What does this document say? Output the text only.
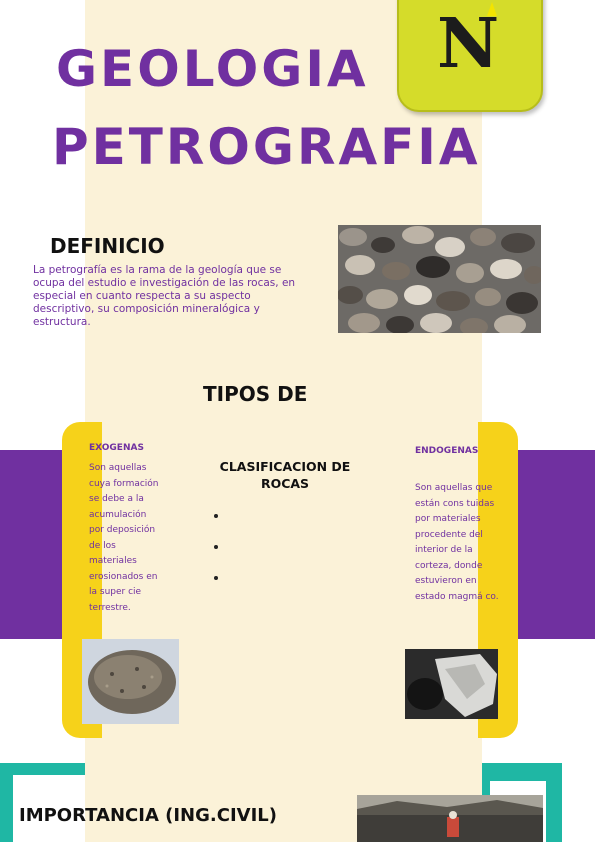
GEOLOGIA N
PETROGRAFIA
DEFINICIO
La petrografía es la rama de la geología que se ocupa del estudio e investigación de las rocas, en especial en cuanto respecta a su aspecto descriptivo, su composición mineralógica y estructura.
TIPOS DE
EXOGENAS
Son aquellas cuya formación se debe a la acumulación por deposición de los materiales erosionados en la super cie terrestre.
CLASIFICACION DE ROCAS
ENDOGENAS
Son aquellas que están cons tuidas por materiales procedente del interior de la corteza, donde estuvieron en estado magmá co.
IMPORTANCIA (ING.CIVIL)
